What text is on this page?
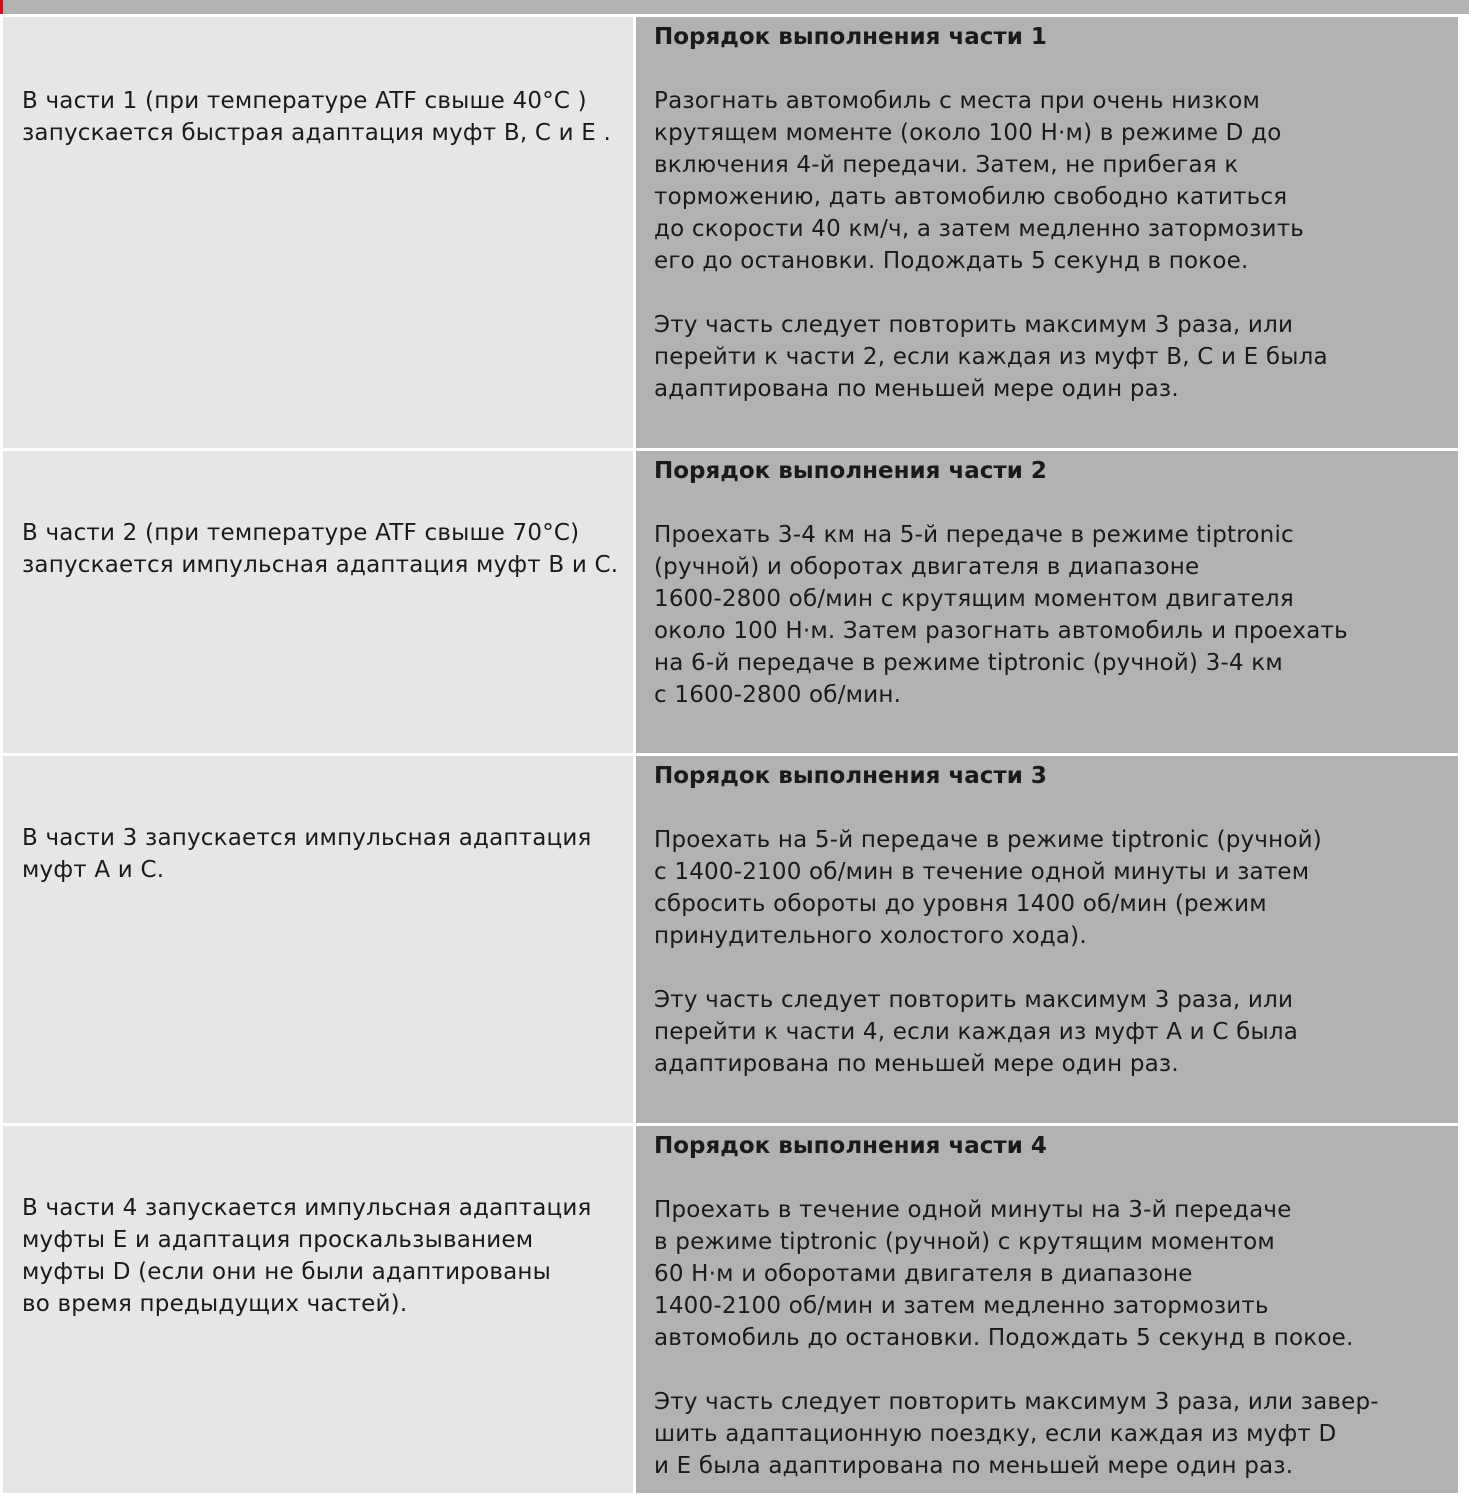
В части 1 (при температуре ATF свыше 40°C )
запускается быстрая адаптация муфт B, C и E .
Порядок выполнения части 1
Разогнать автомобиль с места при очень низком
крутящем моменте (около 100 Н·м) в режиме D до
включения 4-й передачи. Затем, не прибегая к
торможению, дать автомобилю свободно катиться
до скорости 40 км/ч, а затем медленно затормозить
его до остановки. Подождать 5 секунд в покое.
Эту часть следует повторить максимум 3 раза, или
перейти к части 2, если каждая из муфт B, C и E была
адаптирована по меньшей мере один раз.
В части 2 (при температуре ATF свыше 70°C)
запускается импульсная адаптация муфт B и C.
Порядок выполнения части 2
Проехать 3-4 км на 5-й передаче в режиме tiptronic
(ручной) и оборотах двигателя в диапазоне
1600-2800 об/мин с крутящим моментом двигателя
около 100 Н·м. Затем разогнать автомобиль и проехать
на 6-й передаче в режиме tiptronic (ручной) 3-4 км
с 1600-2800 об/мин.
В части 3 запускается импульсная адаптация
муфт A и C.
Порядок выполнения части 3
Проехать на 5-й передаче в режиме tiptronic (ручной)
с 1400-2100 об/мин в течение одной минуты и затем
сбросить обороты до уровня 1400 об/мин (режим
принудительного холостого хода).
Эту часть следует повторить максимум 3 раза, или
перейти к части 4, если каждая из муфт A и C была
адаптирована по меньшей мере один раз.
В части 4 запускается импульсная адаптация
муфты E и адаптация проскальзыванием
муфты D (если они не были адаптированы
во время предыдущих частей).
Порядок выполнения части 4
Проехать в течение одной минуты на 3-й передаче
в режиме tiptronic (ручной) с крутящим моментом
60 Н·м и оборотами двигателя в диапазоне
1400-2100 об/мин и затем медленно затормозить
автомобиль до остановки. Подождать 5 секунд в покое.
Эту часть следует повторить максимум 3 раза, или завер-
шить адаптационную поездку, если каждая из муфт D
и E была адаптирована по меньшей мере один раз.
